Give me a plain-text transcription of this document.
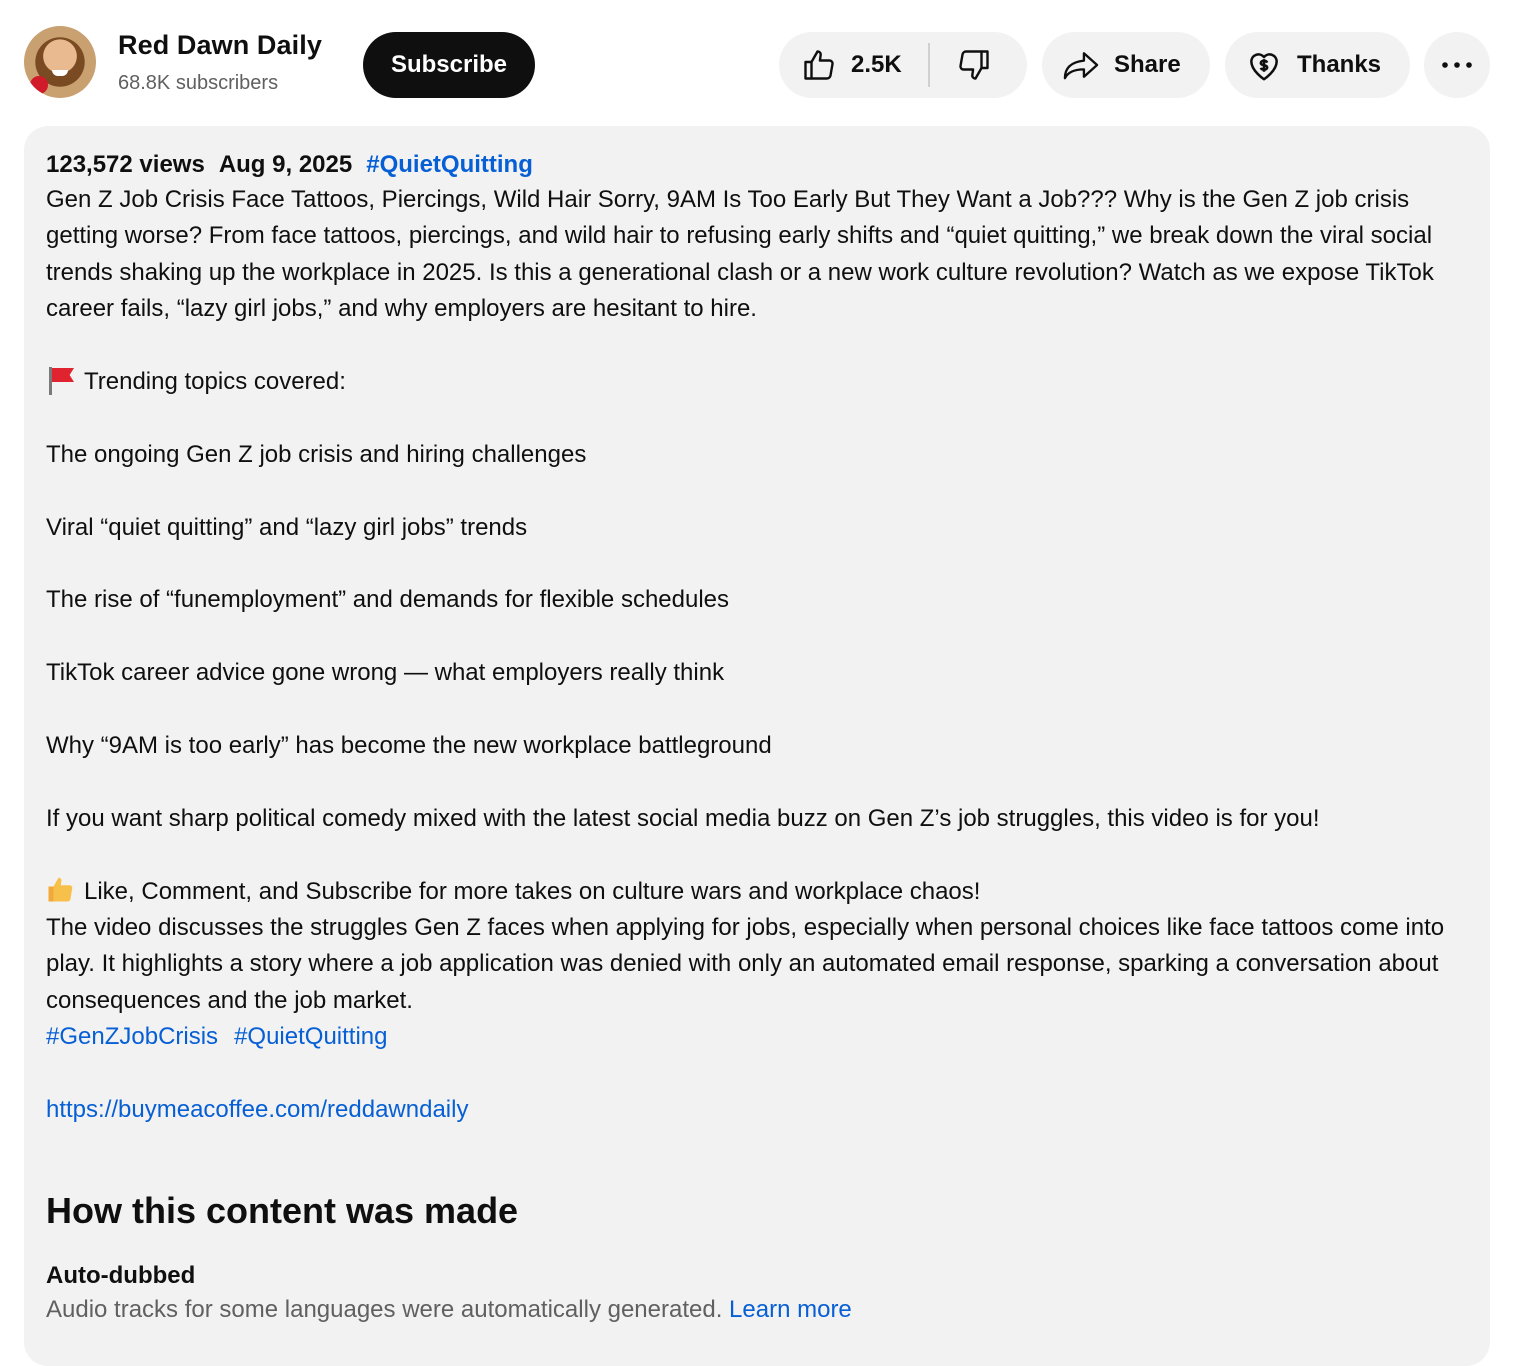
Red Dawn Daily
68.8K subscribers
Subscribe	2.5K	Share	Thanks
123,572 views Aug 9, 2025 #QuietQuitting

Gen Z Job Crisis Face Tattoos, Piercings, Wild Hair Sorry, 9AM Is Too Early But They Want a Job??? Why is the Gen Z job crisis getting worse? From face tattoos, piercings, and wild hair to refusing early shifts and “quiet quitting,” we break down the viral social trends shaking up the workplace in 2025. Is this a generational clash or a new work culture revolution? Watch as we expose TikTok career fails, “lazy girl jobs,” and why employers are hesitant to hire.

Trending topics covered:

The ongoing Gen Z job crisis and hiring challenges

Viral “quiet quitting” and “lazy girl jobs” trends

The rise of “funemployment” and demands for flexible schedules

TikTok career advice gone wrong — what employers really think

Why “9AM is too early” has become the new workplace battleground

If you want sharp political comedy mixed with the latest social media buzz on Gen Z’s job struggles, this video is for you!

Like, Comment, and Subscribe for more takes on culture wars and workplace chaos!

The video discusses the struggles Gen Z faces when applying for jobs, especially when personal choices like face tattoos come into play. It highlights a story where a job application was denied with only an automated email response, sparking a conversation about consequences and the job market.

#GenZJobCrisis #QuietQuitting

https://buymeacoffee.com/reddawndaily

How this content was made
Auto-dubbed
Audio tracks for some languages were automatically generated. Learn more
